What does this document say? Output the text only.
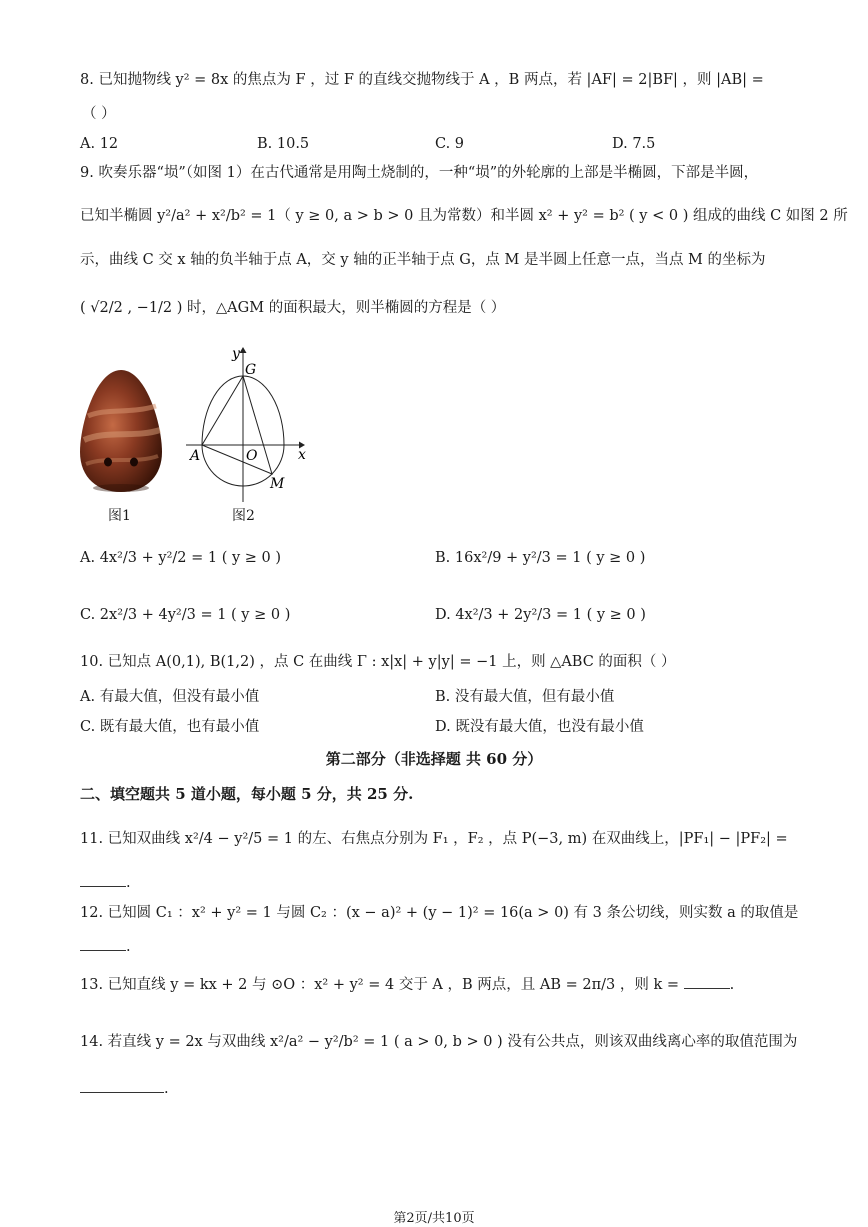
8. 已知抛物线 y² = 8x 的焦点为 F ，过 F 的直线交抛物线于 A ，B 两点，若 |AF| = 2|BF| ，则 |AB| =
（ ）
A. 12	B. 10.5	C. 9	D. 7.5
9. 吹奏乐器“埙”（如图 1）在古代通常是用陶土烧制的，一种“埙”的外轮廓的上部是半椭圆，下部是半圆，
已知半椭圆 y²/a² + x²/b² = 1（ y ≥ 0, a > b > 0 且为常数）和半圆 x² + y² = b² ( y < 0 ) 组成的曲线 C 如图 2 所
示，曲线 C 交 x 轴的负半轴于点 A，交 y 轴的正半轴于点 G，点 M 是半圆上任意一点，当点 M 的坐标为
( √2/2 , −1/2 ) 时，△AGM 的面积最大，则半椭圆的方程是（ ）
图1
y
G
A	O	x
M
图2
A. 4x²/3 + y²/2 = 1 ( y ≥ 0 )	B. 16x²/9 + y²/3 = 1 ( y ≥ 0 )
C. 2x²/3 + 4y²/3 = 1 ( y ≥ 0 )	D. 4x²/3 + 2y²/3 = 1 ( y ≥ 0 )
10. 已知点 A(0,1), B(1,2) ，点 C 在曲线 Γ : x|x| + y|y| = −1 上，则 △ABC 的面积（ ）
A. 有最大值，但没有最小值	B. 没有最大值，但有最小值
C. 既有最大值，也有最小值	D. 既没有最大值，也没有最小值
第二部分（非选择题 共 60 分）
二、填空题共 5 道小题，每小题 5 分，共 25 分.
11. 已知双曲线 x²/4 − y²/5 = 1 的左、右焦点分别为 F₁ ，F₂ ，点 P(−3, m) 在双曲线上，|PF₁| − |PF₂| =
.
12. 已知圆 C₁ ：x² + y² = 1 与圆 C₂ ：(x − a)² + (y − 1)² = 16(a > 0) 有 3 条公切线，则实数 a 的取值是
.
13. 已知直线 y = kx + 2 与 ⊙O ：x² + y² = 4 交于 A ，B 两点，且 AB = 2π/3 ，则 k =	.
14. 若直线 y = 2x 与双曲线 x²/a² − y²/b² = 1 ( a > 0, b > 0 ) 没有公共点，则该双曲线离心率的取值范围为
.
第2页/共10页
